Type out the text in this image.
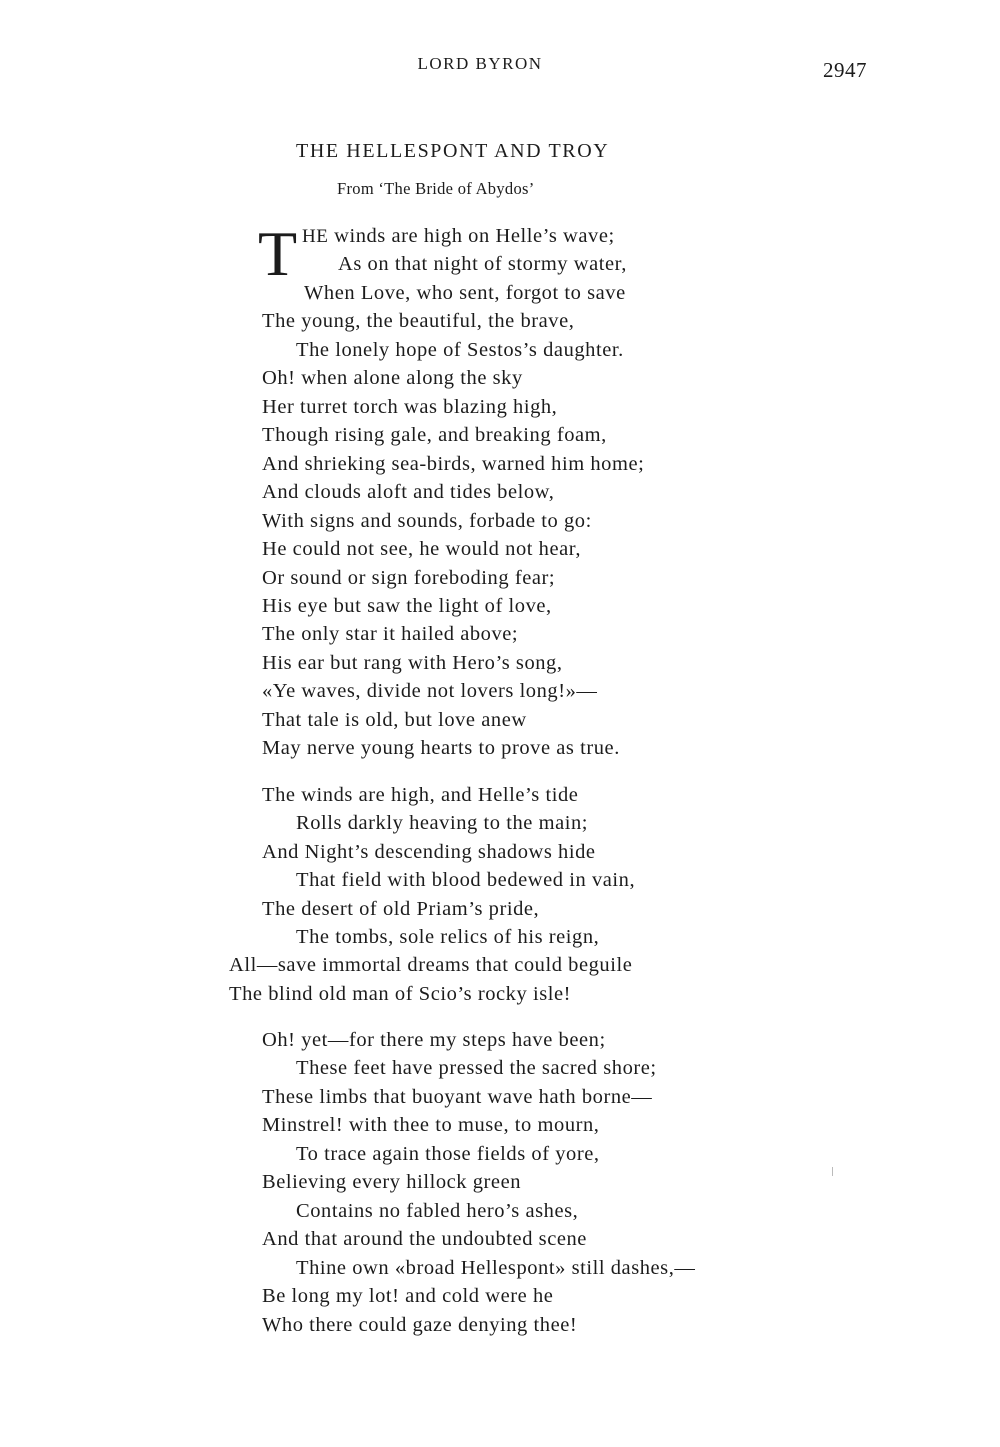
LORD BYRON	2947
THE HELLESPONT AND TROY
From ‘The Bride of Abydos’
T HE winds are high on Helle’s wave;
As on that night of stormy water,
When Love, who sent, forgot to save
The young, the beautiful, the brave,
The lonely hope of Sestos’s daughter.
Oh! when alone along the sky
Her turret torch was blazing high,
Though rising gale, and breaking foam,
And shrieking sea-birds, warned him home;
And clouds aloft and tides below,
With signs and sounds, forbade to go:
He could not see, he would not hear,
Or sound or sign foreboding fear;
His eye but saw the light of love,
The only star it hailed above;
His ear but rang with Hero’s song,
«Ye waves, divide not lovers long!»—
That tale is old, but love anew
May nerve young hearts to prove as true.
The winds are high, and Helle’s tide
Rolls darkly heaving to the main;
And Night’s descending shadows hide
That field with blood bedewed in vain,
The desert of old Priam’s pride,
The tombs, sole relics of his reign,
All—save immortal dreams that could beguile
The blind old man of Scio’s rocky isle!
Oh! yet—for there my steps have been;
These feet have pressed the sacred shore;
These limbs that buoyant wave hath borne—
Minstrel! with thee to muse, to mourn,
To trace again those fields of yore,
Believing every hillock green
Contains no fabled hero’s ashes,
And that around the undoubted scene
Thine own «broad Hellespont» still dashes,—
Be long my lot! and cold were he
Who there could gaze denying thee!
